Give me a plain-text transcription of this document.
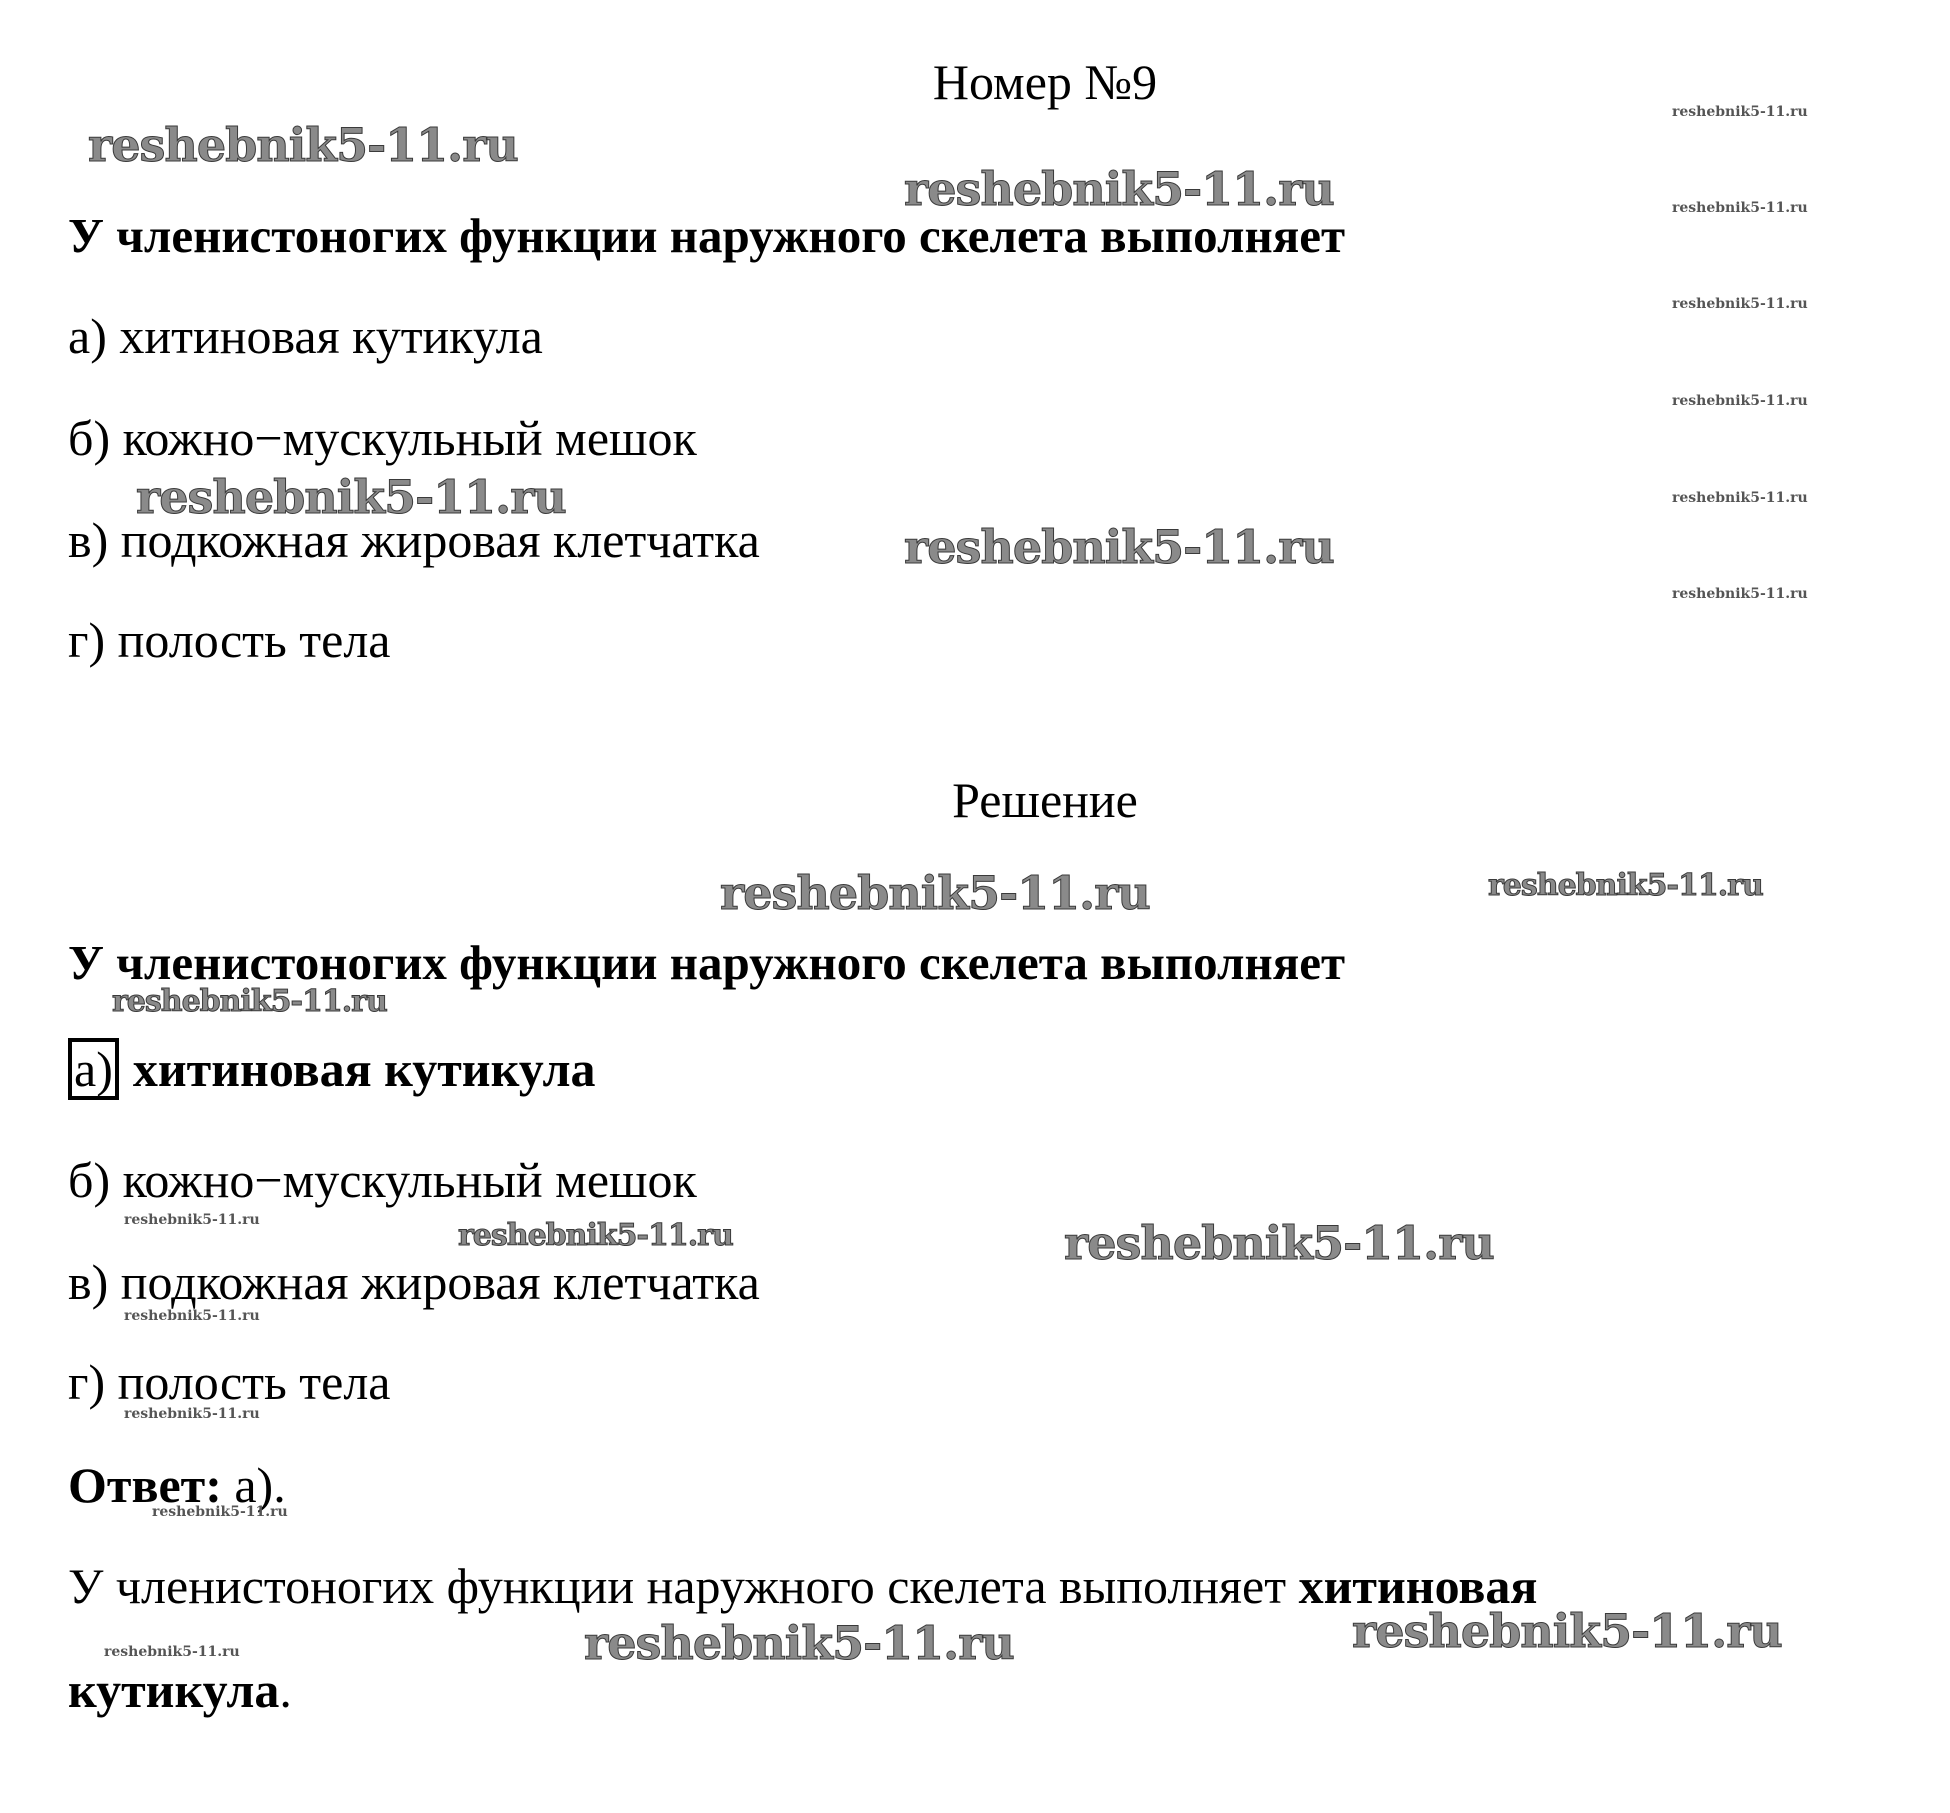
Номер №9
У членистоногих функции наружного скелета выполняет
а) хитиновая кутикула
б) кожно−мускульный мешок
в) подкожная жировая клетчатка
г) полость тела
Решение
У членистоногих функции наружного скелета выполняет
а) хитиновая кутикула
б) кожно−мускульный мешок
в) подкожная жировая клетчатка
г) полость тела
Ответ: а).
У членистоногих функции наружного скелета выполняет хитиновая
кутикула.
reshebnik5-11.ru
reshebnik5-11.ru
reshebnik5-11.ru
reshebnik5-11.ru
reshebnik5-11.ru
reshebnik5-11.ru
reshebnik5-11.ru	reshebnik5-11.ru
reshebnik5-11.ru
reshebnik5-11.ru
reshebnik5-11.ru
reshebnik5-11.ru
reshebnik5-11.ru
reshebnik5-11.ru
reshebnik5-11.ru
reshebnik5-11.ru
reshebnik5-11.ru
reshebnik5-11.ru
reshebnik5-11.ru
reshebnik5-11.ru
reshebnik5-11.ru
reshebnik5-11.ru
